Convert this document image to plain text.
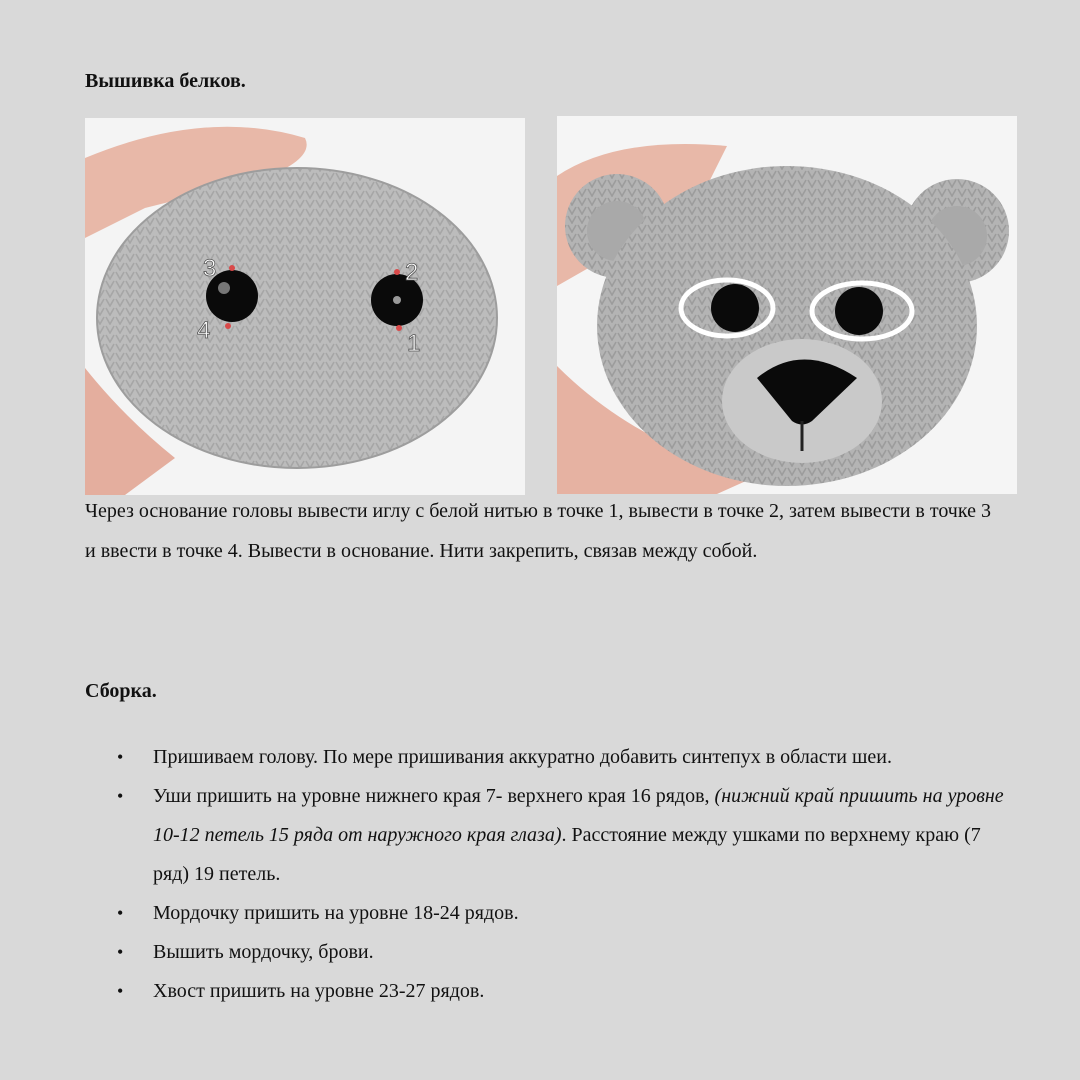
Вышивка белков.
1
2
3
4

Через основание головы вывести иглу с белой нитью в точке 1, вывести в точке 2, затем вывести в точке 3 и ввести в точке 4. Вывести в основание. Нити закрепить, связав между собой.

Сборка.
• Пришиваем голову. По мере пришивания аккуратно добавить синтепух в области шеи.
• Уши пришить на уровне нижнего края 7- верхнего края 16 рядов, (нижний край пришить на уровне 10-12 петель 15 ряда от наружного края глаза). Расстояние между ушками по верхнему краю (7 ряд) 19 петель.
• Мордочку пришить на уровне 18-24 рядов.
• Вышить мордочку, брови.
• Хвост пришить на уровне 23-27 рядов.
